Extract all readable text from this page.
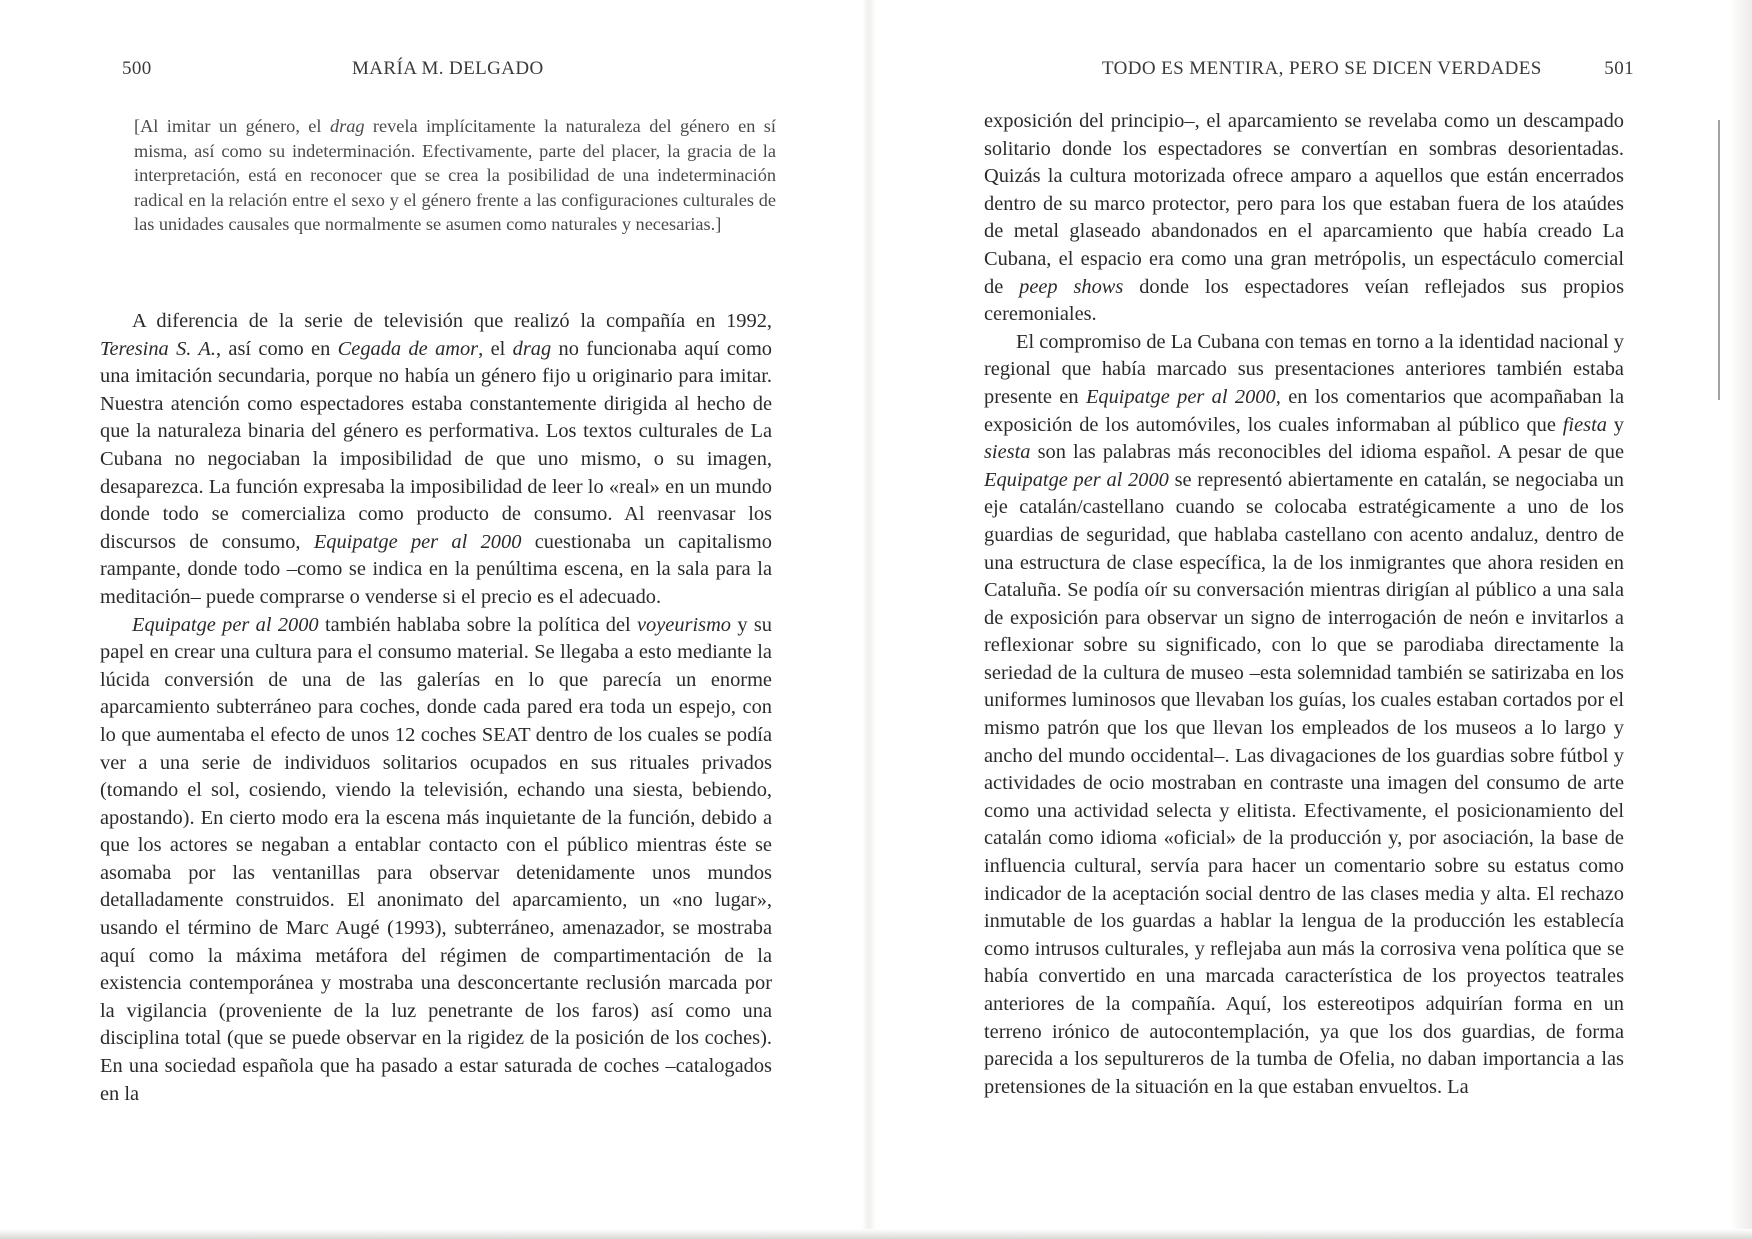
500	MARÍA M. DELGADO

[Al imitar un género, el drag revela implícitamente la naturaleza del género en sí misma, así como su indeterminación. Efectivamente, parte del placer, la gracia de la interpretación, está en reconocer que se crea la posibilidad de una indeterminación radical en la relación entre el sexo y el género frente a las configuraciones culturales de las unidades causales que normalmente se asumen como naturales y necesarias.]

A diferencia de la serie de televisión que realizó la compañía en 1992, Teresina S. A., así como en Cegada de amor, el drag no funcionaba aquí como una imitación secundaria, porque no había un género fijo u originario para imitar. Nuestra atención como espectadores estaba constantemente dirigida al hecho de que la naturaleza binaria del género es performativa. Los textos culturales de La Cubana no negociaban la imposibilidad de que uno mismo, o su imagen, desaparezca. La función expresaba la imposibilidad de leer lo «real» en un mundo donde todo se comercializa como producto de consumo. Al reenvasar los discursos de consumo, Equipatge per al 2000 cuestionaba un capitalismo rampante, donde todo –como se indica en la penúltima escena, en la sala para la meditación– puede comprarse o venderse si el precio es el adecuado.

Equipatge per al 2000 también hablaba sobre la política del voyeurismo y su papel en crear una cultura para el consumo material. Se llegaba a esto mediante la lúcida conversión de una de las galerías en lo que parecía un enorme aparcamiento subterráneo para coches, donde cada pared era toda un espejo, con lo que aumentaba el efecto de unos 12 coches SEAT dentro de los cuales se podía ver a una serie de individuos solitarios ocupados en sus rituales privados (tomando el sol, cosiendo, viendo la televisión, echando una siesta, bebiendo, apostando). En cierto modo era la escena más inquietante de la función, debido a que los actores se negaban a entablar contacto con el público mientras éste se asomaba por las ventanillas para observar detenidamente unos mundos detalladamente construidos. El anonimato del aparcamiento, un «no lugar», usando el término de Marc Augé (1993), subterráneo, amenazador, se mostraba aquí como la máxima metáfora del régimen de compartimentación de la existencia contemporánea y mostraba una desconcertante reclusión marcada por la vigilancia (proveniente de la luz penetrante de los faros) así como una disciplina total (que se puede observar en la rigidez de la posición de los coches). En una sociedad española que ha pasado a estar saturada de coches –catalogados en la

TODO ES MENTIRA, PERO SE DICEN VERDADES	501

exposición del principio–, el aparcamiento se revelaba como un descampado solitario donde los espectadores se convertían en sombras desorientadas. Quizás la cultura motorizada ofrece amparo a aquellos que están encerrados dentro de su marco protector, pero para los que estaban fuera de los ataúdes de metal glaseado abandonados en el aparcamiento que había creado La Cubana, el espacio era como una gran metrópolis, un espectáculo comercial de peep shows donde los espectadores veían reflejados sus propios ceremoniales.

El compromiso de La Cubana con temas en torno a la identidad nacional y regional que había marcado sus presentaciones anteriores también estaba presente en Equipatge per al 2000, en los comentarios que acompañaban la exposición de los automóviles, los cuales informaban al público que fiesta y siesta son las palabras más reconocibles del idioma español. A pesar de que Equipatge per al 2000 se representó abiertamente en catalán, se negociaba un eje catalán/castellano cuando se colocaba estratégicamente a uno de los guardias de seguridad, que hablaba castellano con acento andaluz, dentro de una estructura de clase específica, la de los inmigrantes que ahora residen en Cataluña. Se podía oír su conversación mientras dirigían al público a una sala de exposición para observar un signo de interrogación de neón e invitarlos a reflexionar sobre su significado, con lo que se parodiaba directamente la seriedad de la cultura de museo –esta solemnidad también se satirizaba en los uniformes luminosos que llevaban los guías, los cuales estaban cortados por el mismo patrón que los que llevan los empleados de los museos a lo largo y ancho del mundo occidental–. Las divagaciones de los guardias sobre fútbol y actividades de ocio mostraban en contraste una imagen del consumo de arte como una actividad selecta y elitista. Efectivamente, el posicionamiento del catalán como idioma «oficial» de la producción y, por asociación, la base de influencia cultural, servía para hacer un comentario sobre su estatus como indicador de la aceptación social dentro de las clases media y alta. El rechazo inmutable de los guardas a hablar la lengua de la producción les establecía como intrusos culturales, y reflejaba aun más la corrosiva vena política que se había convertido en una marcada característica de los proyectos teatrales anteriores de la compañía. Aquí, los estereotipos adquirían forma en un terreno irónico de autocontemplación, ya que los dos guardias, de forma parecida a los sepultureros de la tumba de Ofelia, no daban importancia a las pretensiones de la situación en la que estaban envueltos. La
